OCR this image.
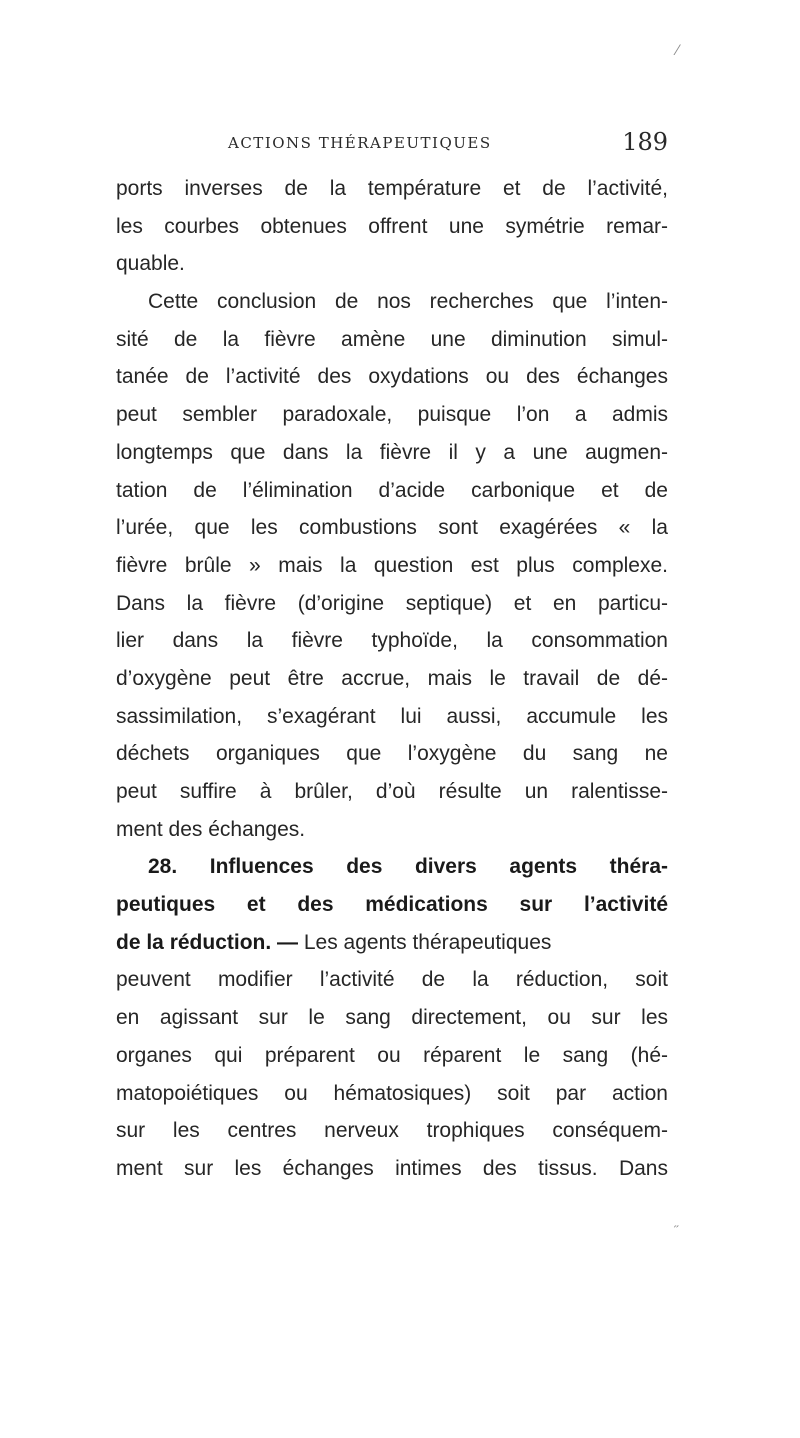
⁄
ACTIONS THÉRAPEUTIQUES	189
ports inverses de la température et de l’activité,
les courbes obtenues offrent une symétrie remar-
quable.
Cette conclusion de nos recherches que l’inten-
sité de la fièvre amène une diminution simul-
tanée de l’activité des oxydations ou des échanges
peut sembler paradoxale, puisque l’on a admis
longtemps que dans la fièvre il y a une augmen-
tation de l’élimination d’acide carbonique et de
l’urée, que les combustions sont exagérées « la
fièvre brûle » mais la question est plus complexe.
Dans la fièvre (d’origine septique) et en particu-
lier dans la fièvre typhoïde, la consommation
d’oxygène peut être accrue, mais le travail de dé-
sassimilation, s’exagérant lui aussi, accumule les
déchets organiques que l’oxygène du sang ne
peut suffire à brûler, d’où résulte un ralentisse-
ment des échanges.
28. Influences des divers agents théra-
peutiques et des médications sur l’activité
de la réduction. — Les agents thérapeutiques
peuvent modifier l’activité de la réduction, soit
en agissant sur le sang directement, ou sur les
organes qui préparent ou réparent le sang (hé-
matopoiétiques ou hématosiques) soit par action
sur les centres nerveux trophiques conséquem-
ment sur les échanges intimes des tissus. Dans
˶
